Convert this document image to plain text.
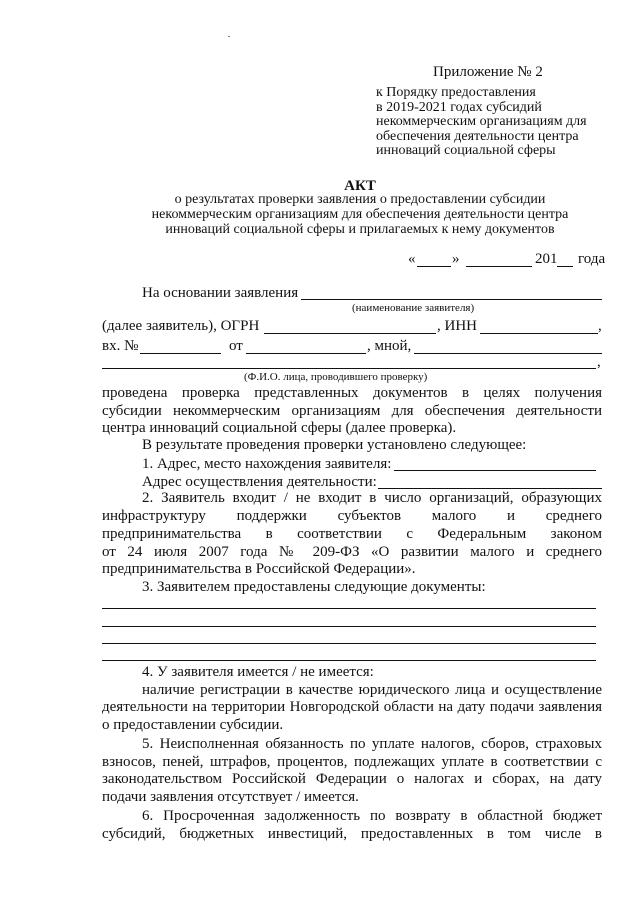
Приложение № 2
к Порядку предоставления
в 2019-2021 годах субсидий
некоммерческим организациям для
обеспечения деятельности центра
инноваций социальной сферы
АКТ
о результатах проверки заявления о предоставлении субсидии
некоммерческим организациям для обеспечения деятельности центра
инноваций социальной сферы и прилагаемых к нему документов
« »	201 года
На основании заявления
(наименование заявителя)
(далее заявитель), ОГРН	, ИНН	,
вх. №	от	, мной,
,
(Ф.И.О. лица, проводившего проверку)
проведена проверка представленных документов в целях получения
субсидии некоммерческим организациям для обеспечения деятельности
центра инноваций социальной сферы (далее проверка).
В результате проведения проверки установлено следующее:
1. Адрес, место нахождения заявителя:
Адрес осуществления деятельности:
2. Заявитель входит / не входит в число организаций, образующих
инфраструктуру поддержки субъектов малого и среднего
предпринимательства в соответствии с Федеральным законом
от 24 июля 2007 года № 209-ФЗ «О развитии малого и среднего
предпринимательства в Российской Федерации».
3. Заявителем предоставлены следующие документы:
4. У заявителя имеется / не имеется:
наличие регистрации в качестве юридического лица и осуществление
деятельности на территории Новгородской области на дату подачи заявления
о предоставлении субсидии.
5. Неисполненная обязанность по уплате налогов, сборов, страховых
взносов, пеней, штрафов, процентов, подлежащих уплате в соответствии с
законодательством Российской Федерации о налогах и сборах, на дату
подачи заявления отсутствует / имеется.
6. Просроченная задолженность по возврату в областной бюджет
субсидий, бюджетных инвестиций, предоставленных в том числе в
